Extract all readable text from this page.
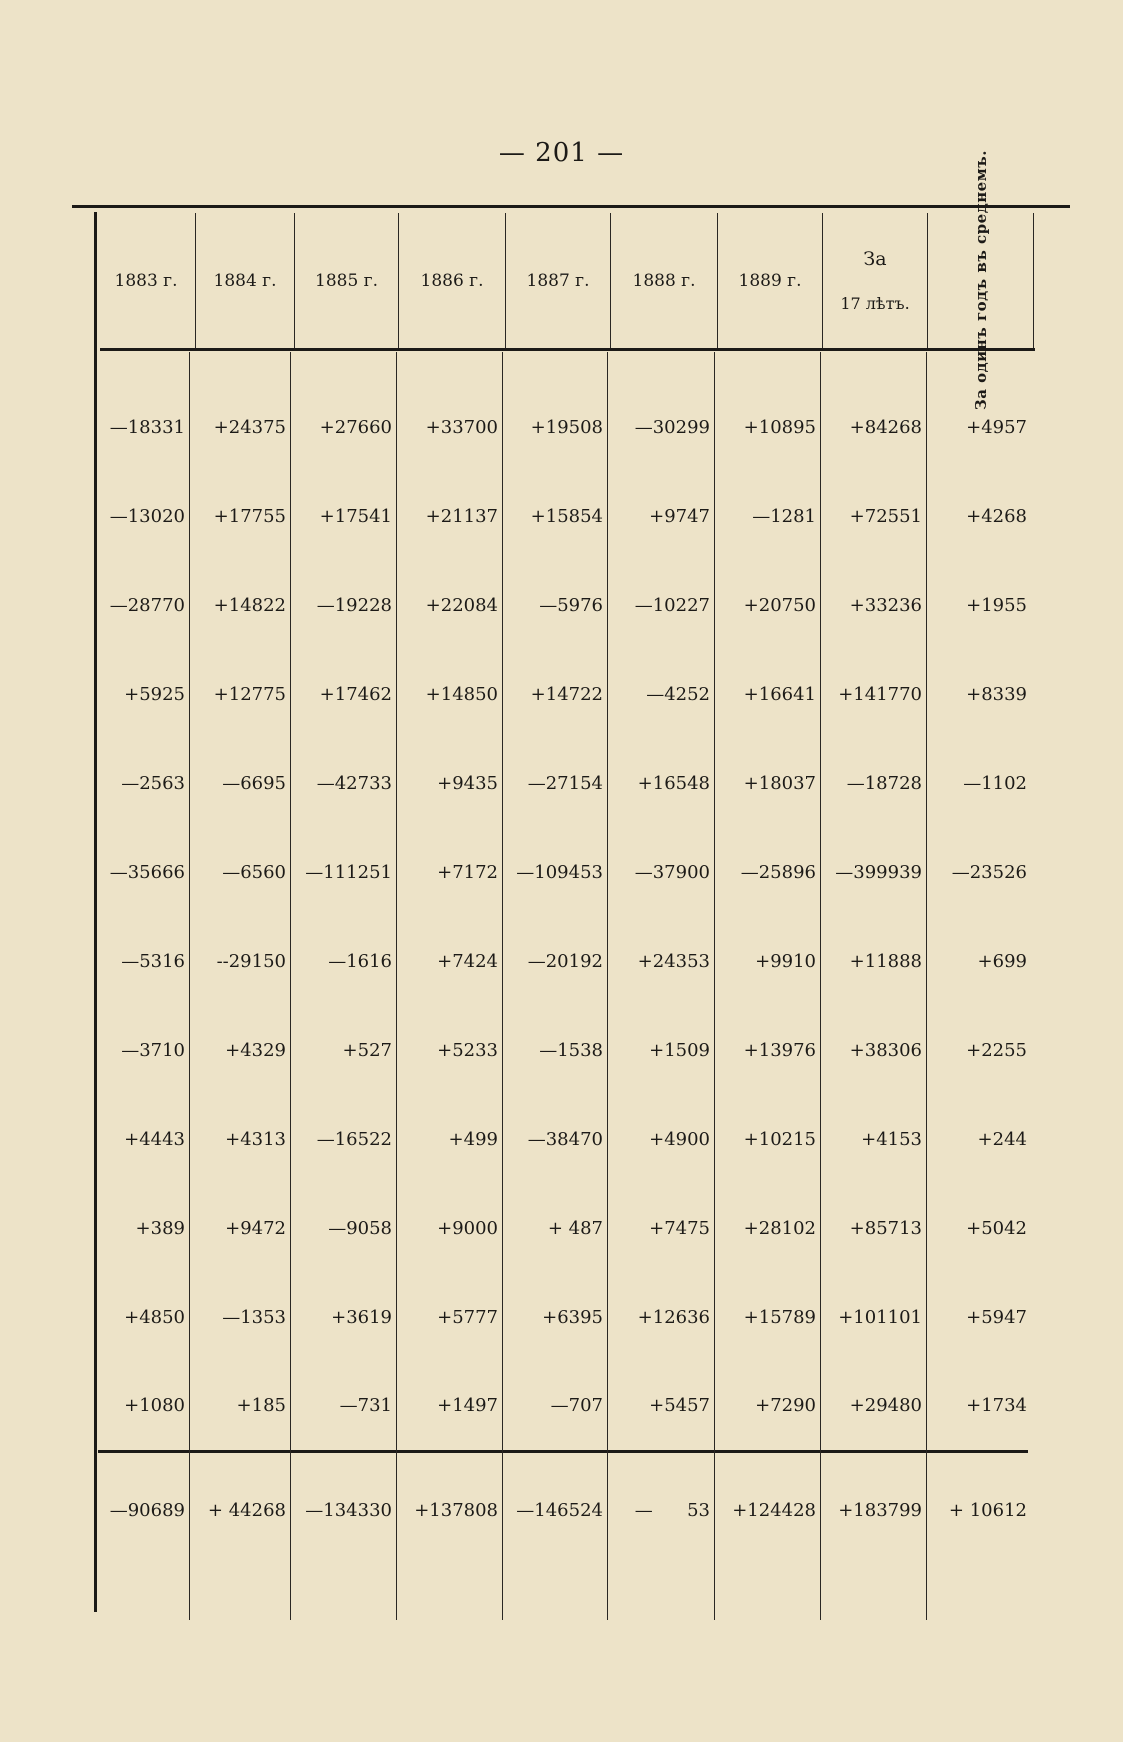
— 201 —
1883 г.	1884 г.	1885 г.	1886 г.	1887 г.	1888 г.	1889 г.
За
17 лѣтъ.	За одинъ годъ въ среднемъ.
—18331	+24375	+27660	+33700	+19508	—30299	+10895	+84268	+4957
—13020	+17755	+17541	+21137	+15854	+9747	—1281	+72551	+4268
—28770	+14822	—19228	+22084	—5976	—10227	+20750	+33236	+1955
+5925	+12775	+17462	+14850	+14722	—4252	+16641	+141770	+8339
—2563	—6695	—42733	+9435	—27154	+16548	+18037	—18728	—1102
—35666	—6560	—111251	+7172	—109453	—37900	—25896	—399939	—23526
—5316	--29150	—1616	+7424	—20192	+24353	+9910	+11888	+699
—3710	+4329	+527	+5233	—1538	+1509	+13976	+38306	+2255
+4443	+4313	—16522	+499	—38470	+4900	+10215	+4153	+244
+389	+9472	—9058	+9000	+ 487	+7475	+28102	+85713	+5042
+4850	—1353	+3619	+5777	+6395	+12636	+15789	+101101	+5947
+1080	+185	—731	+1497	—707	+5457	+7290	+29480	+1734
—90689	+ 44268	—134330	+137808	—146524	—      53	+124428	+183799	+ 10612
